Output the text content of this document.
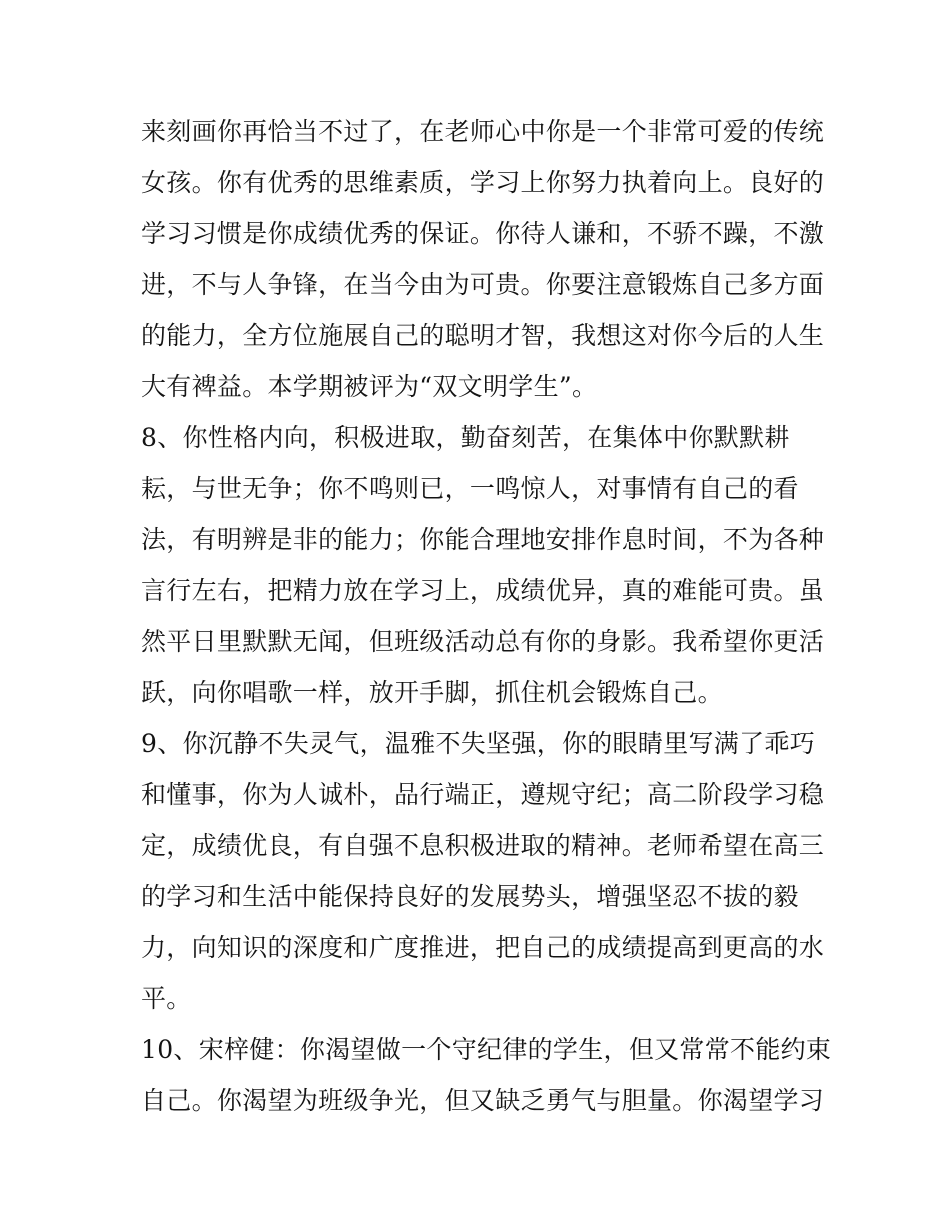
来刻画你再恰当不过了，在老师心中你是一个非常可爱的传统
女孩。你有优秀的思维素质，学习上你努力执着向上。良好的
学习习惯是你成绩优秀的保证。你待人谦和，不骄不躁，不激
进，不与人争锋，在当今由为可贵。你要注意锻炼自己多方面
的能力，全方位施展自己的聪明才智，我想这对你今后的人生
大有裨益。本学期被评为“双文明学生”。
8、你性格内向，积极进取，勤奋刻苦，在集体中你默默耕
耘，与世无争；你不鸣则已，一鸣惊人，对事情有自己的看
法，有明辨是非的能力；你能合理地安排作息时间，不为各种
言行左右，把精力放在学习上，成绩优异，真的难能可贵。虽
然平日里默默无闻，但班级活动总有你的身影。我希望你更活
跃，向你唱歌一样，放开手脚，抓住机会锻炼自己。
9、你沉静不失灵气，温雅不失坚强，你的眼睛里写满了乖巧
和懂事，你为人诚朴，品行端正，遵规守纪；高二阶段学习稳
定，成绩优良，有自强不息积极进取的精神。老师希望在高三
的学习和生活中能保持良好的发展势头，增强坚忍不拔的毅
力，向知识的深度和广度推进，把自己的成绩提高到更高的水
平。
10、宋梓健：你渴望做一个守纪律的学生，但又常常不能约束
自己。你渴望为班级争光，但又缺乏勇气与胆量。你渴望学习
